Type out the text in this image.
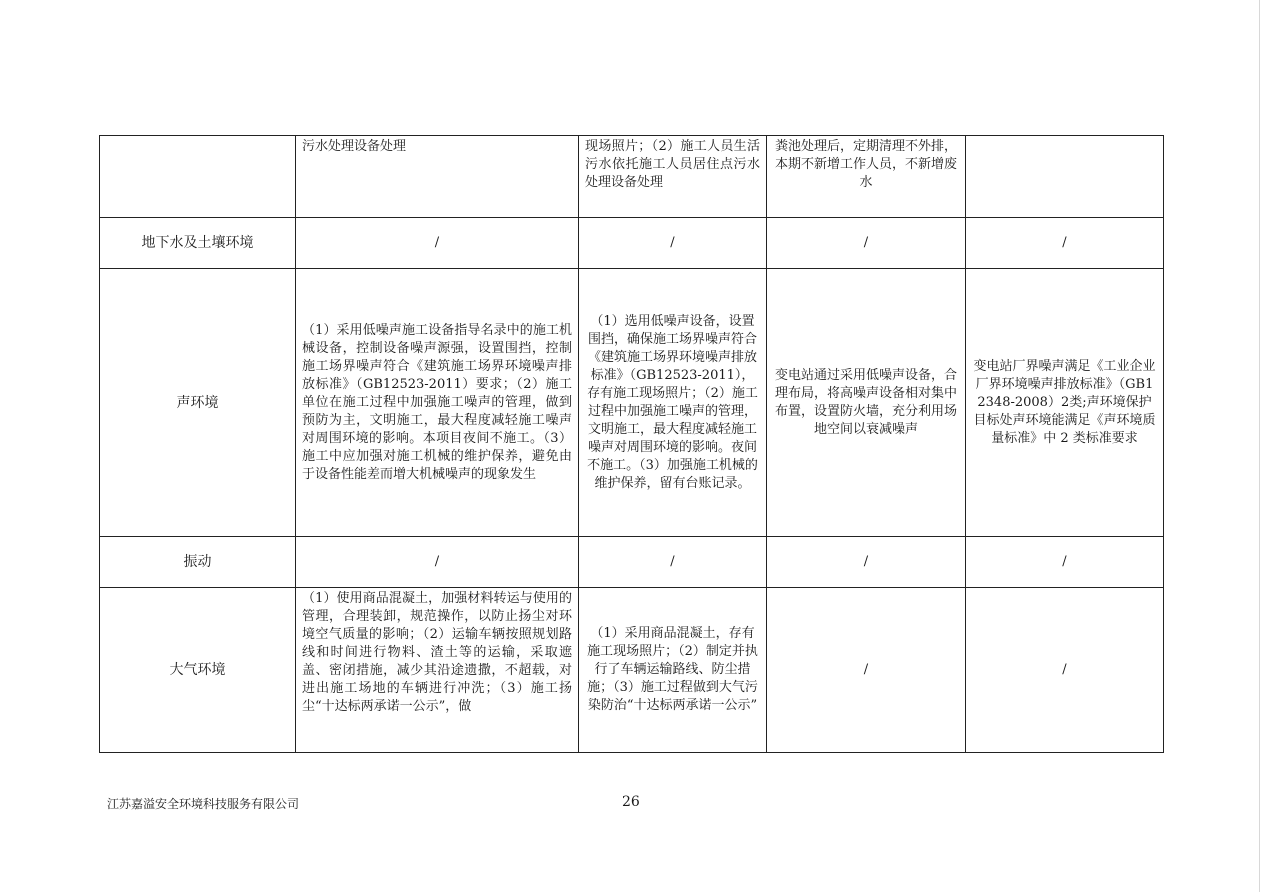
	污水处理设备处理	现场照片；（2）施工人员生活污水依托施工人员居住点污水处理设备处理	粪池处理后，定期清理不外排，本期不新增工作人员，不新增废水	
地下水及土壤环境	/	/	/	/
声环境	（1）采用低噪声施工设备指导名录中的施工机械设备，控制设备噪声源强，设置围挡，控制施工场界噪声符合《建筑施工场界环境噪声排放标准》（GB12523-2011）要求；（2）施工单位在施工过程中加强施工噪声的管理，做到预防为主，文明施工，最大程度减轻施工噪声对周围环境的影响。本项目夜间不施工。（3）施工中应加强对施工机械的维护保养，避免由于设备性能差而增大机械噪声的现象发生	（1）选用低噪声设备，设置围挡，确保施工场界噪声符合《建筑施工场界环境噪声排放标准》（GB12523-2011），存有施工现场照片；（2）施工过程中加强施工噪声的管理，文明施工，最大程度减轻施工噪声对周围环境的影响。夜间不施工。（3）加强施工机械的维护保养，留有台账记录。	变电站通过采用低噪声设备，合理布局，将高噪声设备相对集中布置，设置防火墙，充分利用场地空间以衰减噪声	变电站厂界噪声满足《工业企业厂界环境噪声排放标准》（GB12348-2008）2类;声环境保护目标处声环境能满足《声环境质量标准》中 2 类标准要求
振动	/	/	/	/
大气环境	（1）使用商品混凝土，加强材料转运与使用的管理，合理装卸，规范操作，以防止扬尘对环境空气质量的影响；（2）运输车辆按照规划路线和时间进行物料、渣土等的运输，采取遮盖、密闭措施，减少其沿途遗撒，不超载，对进出施工场地的车辆进行冲洗；（3）施工扬尘“十达标两承诺一公示”，做	（1）采用商品混凝土，存有施工现场照片；（2）制定并执行了车辆运输路线、防尘措施；（3）施工过程做到大气污染防治“十达标两承诺一公示”	/	/
江苏嘉溢安全环境科技服务有限公司	26
